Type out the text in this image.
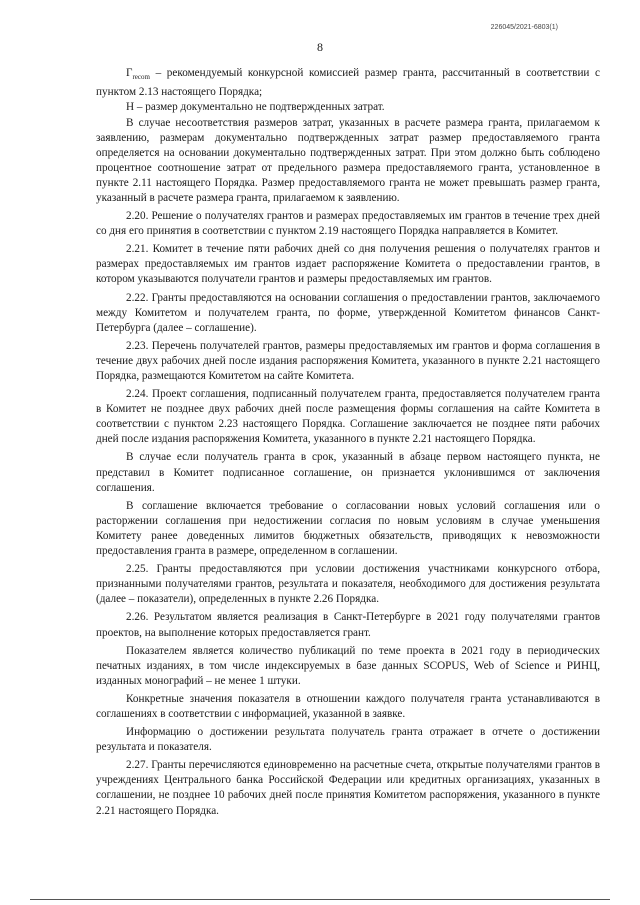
226045/2021-6803(1)
8

$Г_{recom}$ – рекомендуемый конкурсной комиссией размер гранта, рассчитанный в соответствии с пунктом 2.13 настоящего Порядка;

Н – размер документально не подтвержденных затрат.

В случае несоответствия размеров затрат, указанных в расчете размера гранта, прилагаемом к заявлению, размерам документально подтвержденных затрат размер предоставляемого гранта определяется на основании документально подтвержденных затрат. При этом должно быть соблюдено процентное соотношение затрат от предельного размера предоставляемого гранта, установленное в пункте 2.11 настоящего Порядка. Размер предоставляемого гранта не может превышать размер гранта, указанный в расчете размера гранта, прилагаемом к заявлению.

2.20. Решение о получателях грантов и размерах предоставляемых им грантов в течение трех дней со дня его принятия в соответствии с пунктом 2.19 настоящего Порядка направляется в Комитет.

2.21. Комитет в течение пяти рабочих дней со дня получения решения о получателях грантов и размерах предоставляемых им грантов издает распоряжение Комитета о предоставлении грантов, в котором указываются получатели грантов и размеры предоставляемых им грантов.

2.22. Гранты предоставляются на основании соглашения о предоставлении грантов, заключаемого между Комитетом и получателем гранта, по форме, утвержденной Комитетом финансов Санкт-Петербурга (далее – соглашение).

2.23. Перечень получателей грантов, размеры предоставляемых им грантов и форма соглашения в течение двух рабочих дней после издания распоряжения Комитета, указанного в пункте 2.21 настоящего Порядка, размещаются Комитетом на сайте Комитета.

2.24. Проект соглашения, подписанный получателем гранта, предоставляется получателем гранта в Комитет не позднее двух рабочих дней после размещения формы соглашения на сайте Комитета в соответствии с пунктом 2.23 настоящего Порядка. Соглашение заключается не позднее пяти рабочих дней после издания распоряжения Комитета, указанного в пункте 2.21 настоящего Порядка.

В случае если получатель гранта в срок, указанный в абзаце первом настоящего пункта, не представил в Комитет подписанное соглашение, он признается уклонившимся от заключения соглашения.

В соглашение включается требование о согласовании новых условий соглашения или о расторжении соглашения при недостижении согласия по новым условиям в случае уменьшения Комитету ранее доведенных лимитов бюджетных обязательств, приводящих к невозможности предоставления гранта в размере, определенном в соглашении.

2.25. Гранты предоставляются при условии достижения участниками конкурсного отбора, признанными получателями грантов, результата и показателя, необходимого для достижения результата (далее – показатели), определенных в пункте 2.26 Порядка.

2.26. Результатом является реализация в Санкт-Петербурге в 2021 году получателями грантов проектов, на выполнение которых предоставляется грант.

Показателем является количество публикаций по теме проекта в 2021 году в периодических печатных изданиях, в том числе индексируемых в базе данных SCOPUS, Web of Science и РИНЦ, изданных монографий – не менее 1 штуки.

Конкретные значения показателя в отношении каждого получателя гранта устанавливаются в соглашениях в соответствии с информацией, указанной в заявке.

Информацию о достижении результата получатель гранта отражает в отчете о достижении результата и показателя.

2.27. Гранты перечисляются единовременно на расчетные счета, открытые получателями грантов в учреждениях Центрального банка Российской Федерации или кредитных организациях, указанных в соглашении, не позднее 10 рабочих дней после принятия Комитетом распоряжения, указанного в пункте 2.21 настоящего Порядка.
